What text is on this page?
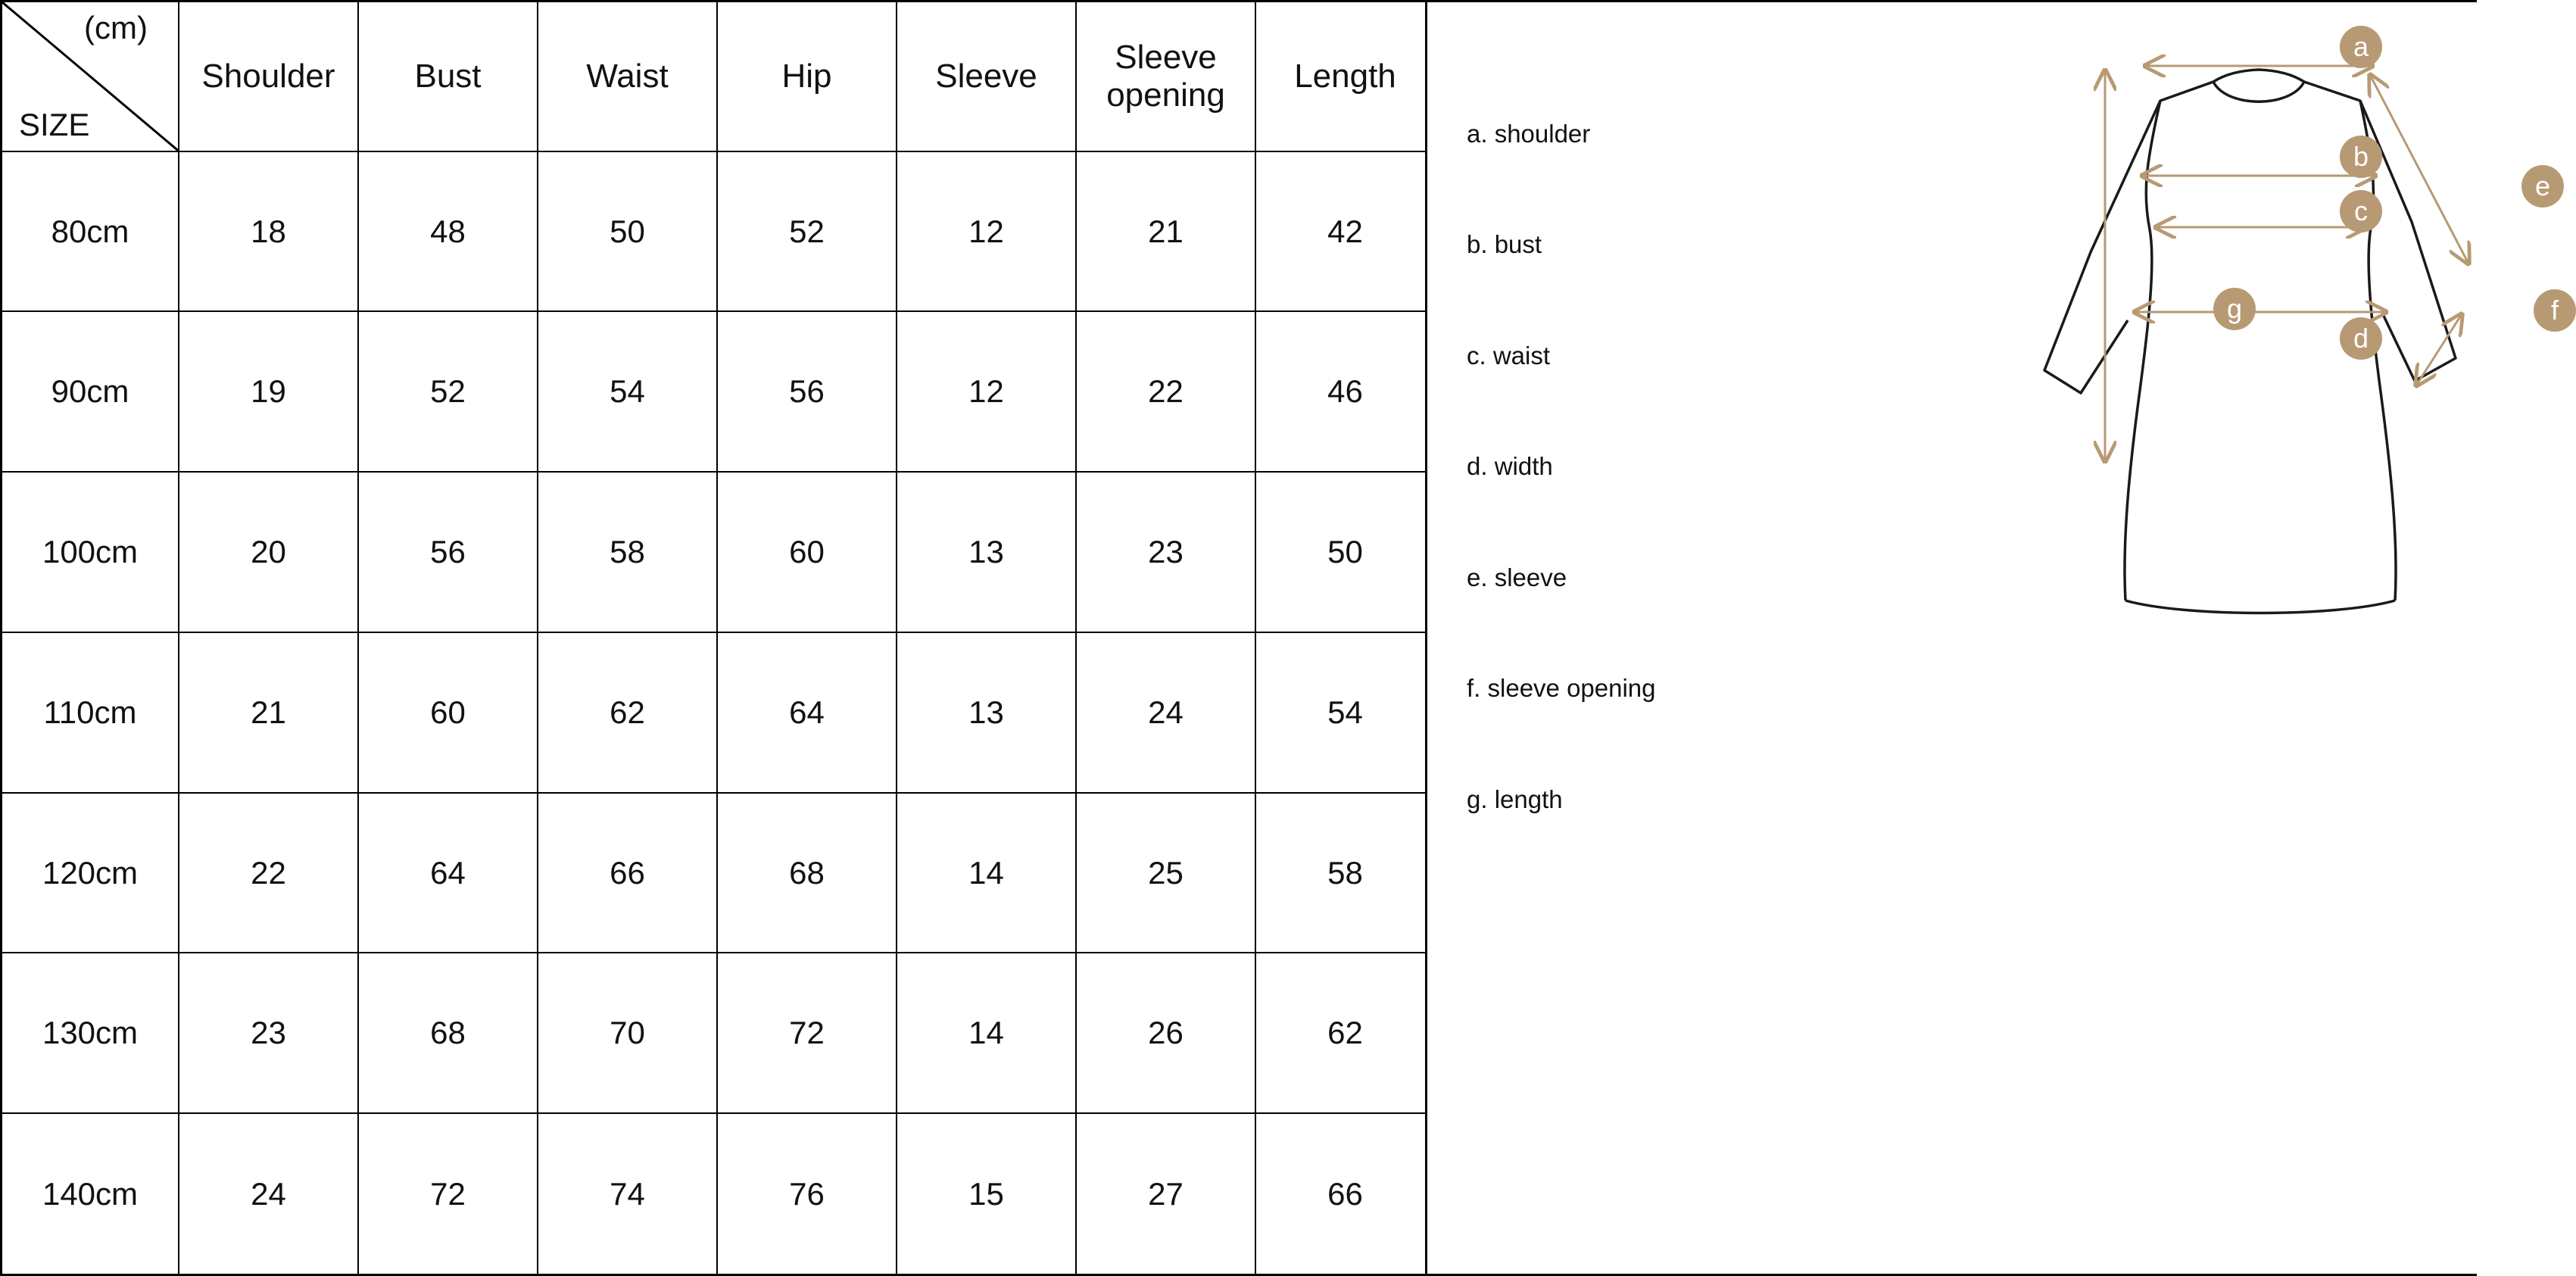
(cm)
SIZE	Shoulder	Bust	Waist	Hip	Sleeve	Sleeve opening	Length
80cm	18	48	50	52	12	21	42
90cm	19	52	54	56	12	22	46
100cm	20	56	58	60	13	23	50
110cm	21	60	62	64	13	24	54
120cm	22	64	66	68	14	25	58
130cm	23	68	70	72	14	26	62
140cm	24	72	74	76	15	27	66

a. shoulder

b. bust

c. waist

d. width

e. sleeve

f. sleeve opening

g. length

a
b
c
d
e
f
g
